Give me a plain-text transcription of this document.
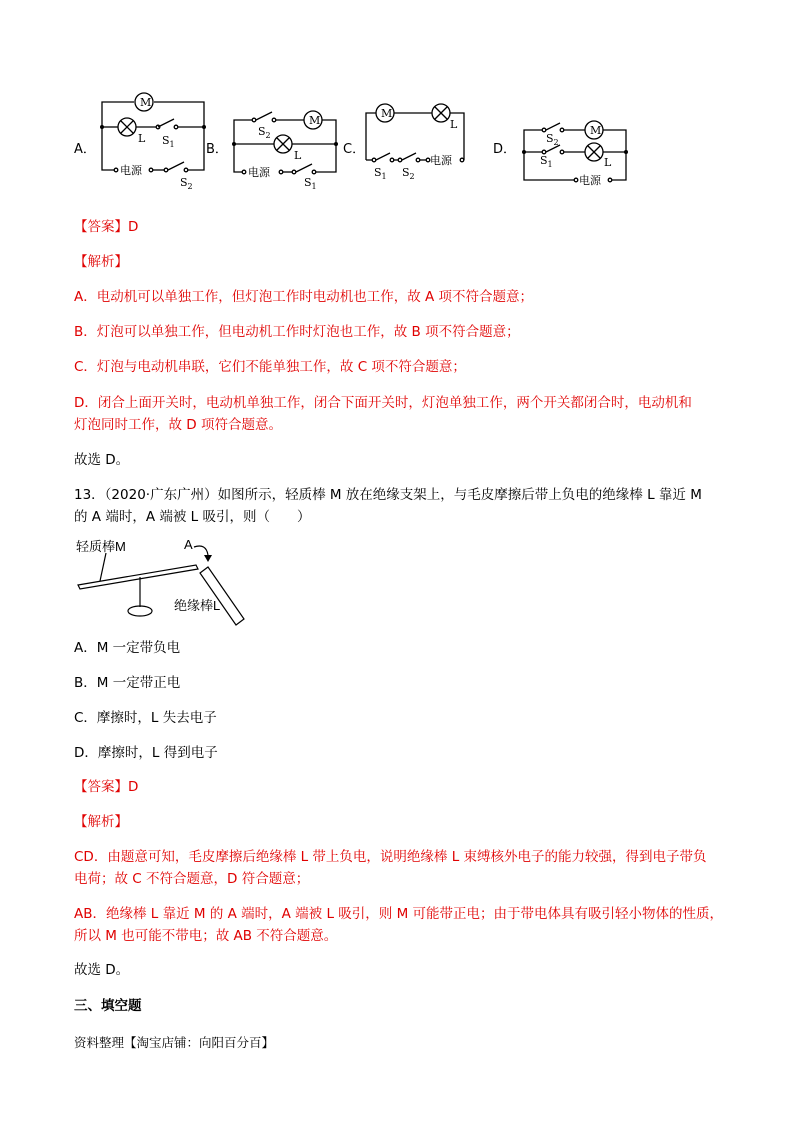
A．
M
L $S_1$
电源
$S_2$
B．
M
L
$S_2$
电源
$S_1$
C．
M
L
$S_1$ $S_2$
电源
D．
M
L
$S_2$
$S_1$
电源
【答案】D
【解析】
A．电动机可以单独工作，但灯泡工作时电动机也工作，故 A 项不符合题意；
B．灯泡可以单独工作，但电动机工作时灯泡也工作，故 B 项不符合题意；
C．灯泡与电动机串联，它们不能单独工作，故 C 项不符合题意；
D．闭合上面开关时，电动机单独工作，闭合下面开关时，灯泡单独工作，两个开关都闭合时，电动机和
灯泡同时工作，故 D 项符合题意。
故选 D。
13．（2020·广东广州）如图所示，轻质棒 M 放在绝缘支架上，与毛皮摩擦后带上负电的绝缘棒 L 靠近 M
的 A 端时，A 端被 L 吸引，则（　　）
轻质棒M	A
绝缘棒L
A．M 一定带负电
B．M 一定带正电
C．摩擦时，L 失去电子
D．摩擦时，L 得到电子
【答案】D
【解析】
CD．由题意可知，毛皮摩擦后绝缘棒 L 带上负电，说明绝缘棒 L 束缚核外电子的能力较强，得到电子带负
电荷；故 C 不符合题意，D 符合题意；
AB．绝缘棒 L 靠近 M 的 A 端时，A 端被 L 吸引，则 M 可能带正电；由于带电体具有吸引轻小物体的性质，
所以 M 也可能不带电；故 AB 不符合题意。
故选 D。
三、填空题
资料整理【淘宝店铺：向阳百分百】
